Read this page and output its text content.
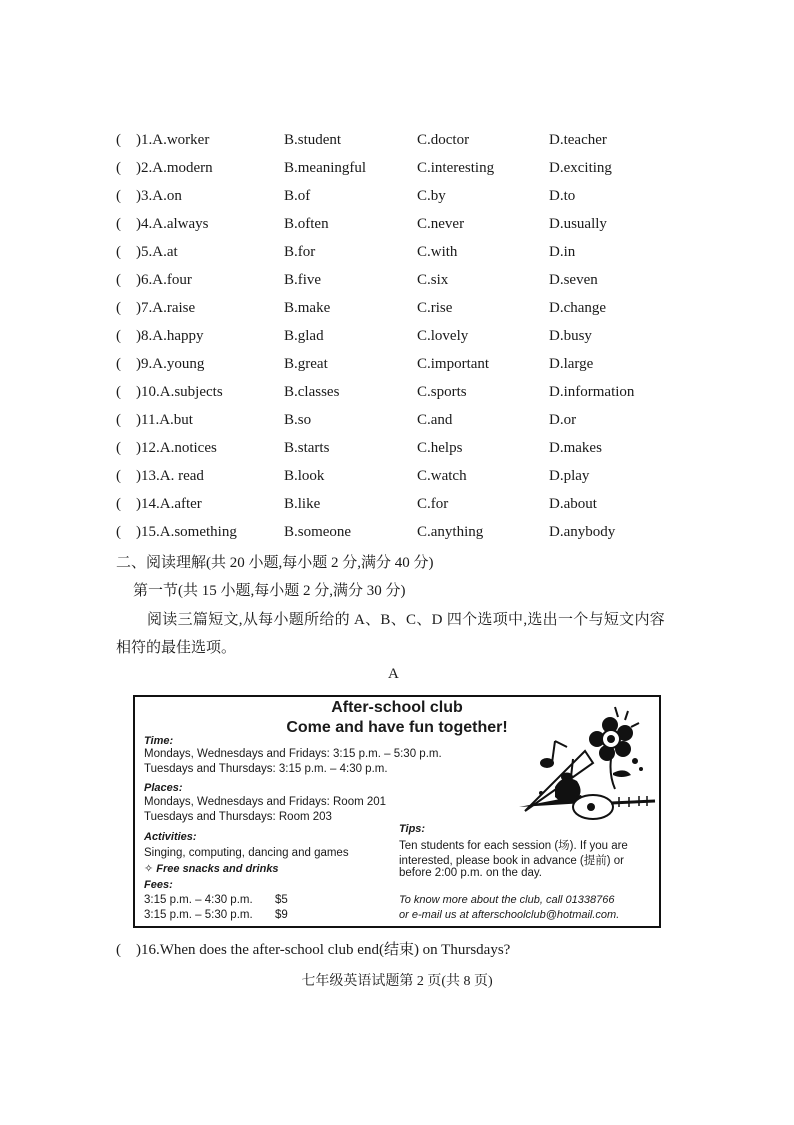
( )1.A.worker	B.student	C.doctor	D.teacher
( )2.A.modern	B.meaningful	C.interesting	D.exciting
( )3.A.on	B.of	C.by	D.to
( )4.A.always	B.often	C.never	D.usually
( )5.A.at	B.for	C.with	D.in
( )6.A.four	B.five	C.six	D.seven
( )7.A.raise	B.make	C.rise	D.change
( )8.A.happy	B.glad	C.lovely	D.busy
( )9.A.young	B.great	C.important	D.large
( )10.A.subjects	B.classes	C.sports	D.information
( )11.A.but	B.so	C.and	D.or
( )12.A.notices	B.starts	C.helps	D.makes
( )13.A. read	B.look	C.watch	D.play
( )14.A.after	B.like	C.for	D.about
( )15.A.something	B.someone	C.anything	D.anybody
二、阅读理解(共 20 小题,每小题 2 分,满分 40 分)
第一节(共 15 小题,每小题 2 分,满分 30 分)
阅读三篇短文,从每小题所给的 A、B、C、D 四个选项中,选出一个与短文内容
相符的最佳选项。
A
After-school club
Come and have fun together!
Time:
Mondays, Wednesdays and Fridays: 3:15 p.m. – 5:30 p.m.
Tuesdays and Thursdays: 3:15 p.m. – 4:30 p.m.
Places:
Mondays, Wednesdays and Fridays: Room 201
Tuesdays and Thursdays: Room 203
Activities:
Singing, computing, dancing and games
✧ Free snacks and drinks
Fees:
3:15 p.m. – 4:30 p.m. $5
3:15 p.m. – 5:30 p.m. $9
Tips:
Ten students for each session (场). If you are
interested, please book in advance (提前) or
before 2:00 p.m. on the day.
To know more about the club, call 01338766
or e-mail us at afterschoolclub@hotmail.com.
( )16.When does the after-school club end(结束) on Thursdays?
七年级英语试题第 2 页(共 8 页)
